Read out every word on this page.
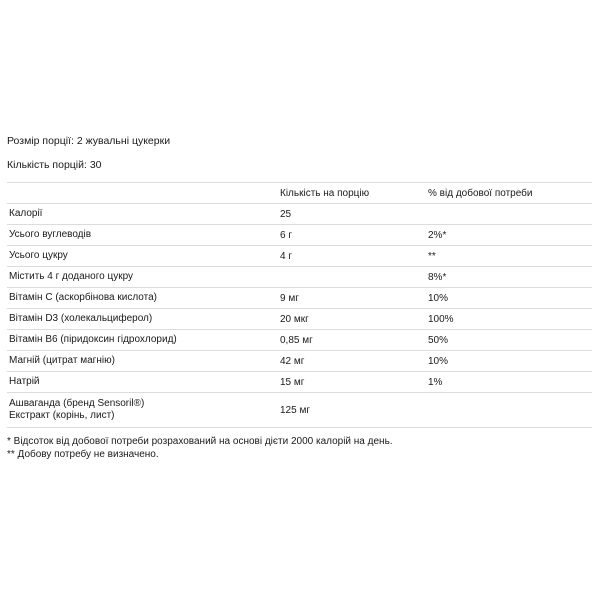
Розмір порції: 2 жувальні цукерки

Кількість порцій: 30

	Кількість на порцію	% від добової потреби
Калорії	25	
Усього вуглеводів	6 г	2%*
Усього цукру	4 г	**
Містить 4 г доданого цукру		8%*
Вітамін С (аскорбінова кислота)	9 мг	10%
Вітамін D3 (холекальциферол)	20 мкг	100%
Вітамін В6 (піридоксин гідрохлорид)	0,85 мг	50%
Магній (цитрат магнію)	42 мг	10%
Натрій	15 мг	1%

Ашваганда (бренд Sensoril®)
Екстракт (корінь, лист)	125 мг	

* Відсоток від добової потреби розрахований на основі дієти 2000 калорій на день.

** Добову потребу не визначено.
